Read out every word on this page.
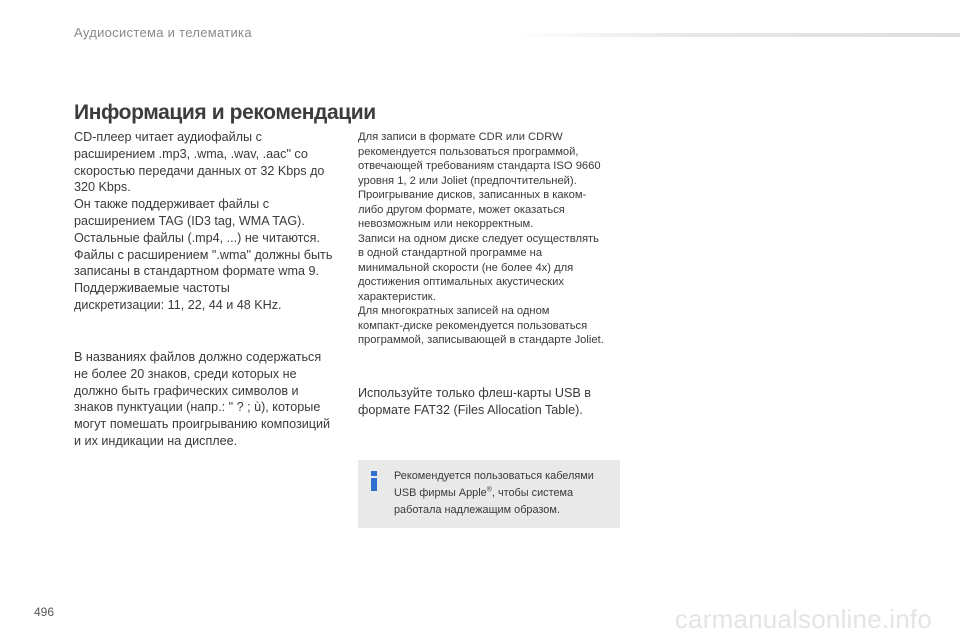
Аудиосистема и телематика
Информация и рекомендации

CD-плеер читает аудиофайлы с
расширением .mp3, .wma, .wav, .aac" со
скоростью передачи данных от 32 Kbps до
320 Kbps.
Он также поддерживает файлы с
расширением TAG (ID3 tag, WMA TAG).
Остальные файлы (.mp4, ...) не читаются.
Файлы с расширением ".wma" должны быть
записаны в стандартном формате wma 9.
Поддерживаемые частоты
дискретизации: 11, 22, 44 и 48 KHz.

В названиях файлов должно содержаться
не более 20 знаков, среди которых не
должно быть графических символов и
знаков пунктуации (напр.: " ? ; ù), которые
могут помешать проигрыванию композиций
и их индикации на дисплее.

Для записи в формате CDR или CDRW
рекомендуется пользоваться программой,
отвечающей требованиям стандарта ISO 9660
уровня 1, 2 или Joliet (предпочтительней).
Проигрывание дисков, записанных в каком-
либо другом формате, может оказаться
невозможным или некорректным.
Записи на одном диске следует осуществлять
в одной стандартной программе на
минимальной скорости (не более 4x) для
достижения оптимальных акустических
характеристик.
Для многократных записей на одном
компакт-диске рекомендуется пользоваться
программой, записывающей в стандарте Joliet.

Используйте только флеш-карты USB в
формате FAT32 (Files Allocation Table).

Рекомендуется пользоваться кабелями
USB фирмы Apple®, чтобы система
работала надлежащим образом.
496	carmanualsonline.info
